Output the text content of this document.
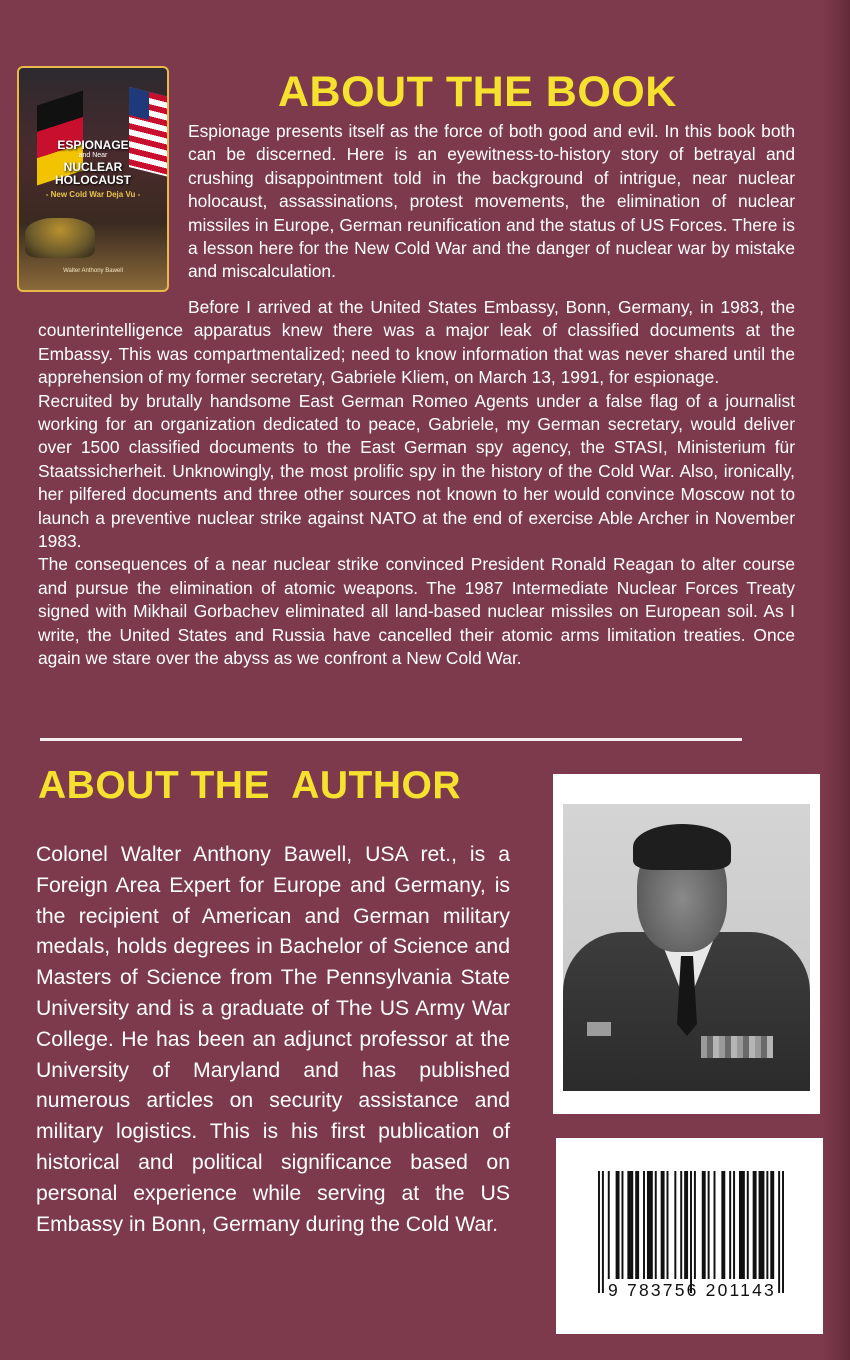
ESPIONAGE
and Near
NUCLEAR
HOLOCAUST
- New Cold War Deja Vu -
Walter Anthony Bawell
ABOUT THE BOOK

Espionage presents itself as the force of both good and evil. In this book both can be discerned. Here is an eyewitness-to-history story of betrayal and crushing disappointment told in the background of intrigue, near nuclear holocaust, assassinations, protest movements, the elimination of nuclear missiles in Europe, German reunification and the status of US Forces. There is a lesson here for the New Cold War and the danger of nuclear war by mistake and miscalculation.

Before I arrived at the United States Embassy, Bonn, Germany, in 1983, the counterintelligence apparatus knew there was a major leak of classified documents at the Embassy. This was compartmentalized; need to know information that was never shared until the apprehension of my former secretary, Gabriele Kliem, on March 13, 1991, for espionage.

Recruited by brutally handsome East German Romeo Agents under a false flag of a journalist working for an organization dedicated to peace, Gabriele, my German secretary, would deliver over 1500 classified documents to the East German spy agency, the STASI, Ministerium für Staatssicherheit. Unknowingly, the most prolific spy in the history of the Cold War. Also, ironically, her pilfered documents and three other sources not known to her would convince Moscow not to launch a preventive nuclear strike against NATO at the end of exercise Able Archer in November 1983.

The consequences of a near nuclear strike convinced President Ronald Reagan to alter course and pursue the elimination of atomic weapons. The 1987 Intermediate Nuclear Forces Treaty signed with Mikhail Gorbachev eliminated all land-based nuclear missiles on European soil. As I write, the United States and Russia have cancelled their atomic arms limitation treaties. Once again we stare over the abyss as we confront a New Cold War.

ABOUT THE  AUTHOR

Colonel Walter Anthony Bawell, USA ret., is a Foreign Area Expert for Europe and Germany, is the recipient of American and German military medals, holds degrees in Bachelor of Science and Masters of Science from The Pennsylvania State University and is a graduate of The US Army War College. He has been an adjunct professor at the University of Maryland and has published numerous articles on security assistance and military logistics. This is his first publication of historical and political significance based on personal experience while serving at the US Embassy in Bonn, Germany during the Cold War.

9 783756 201143
